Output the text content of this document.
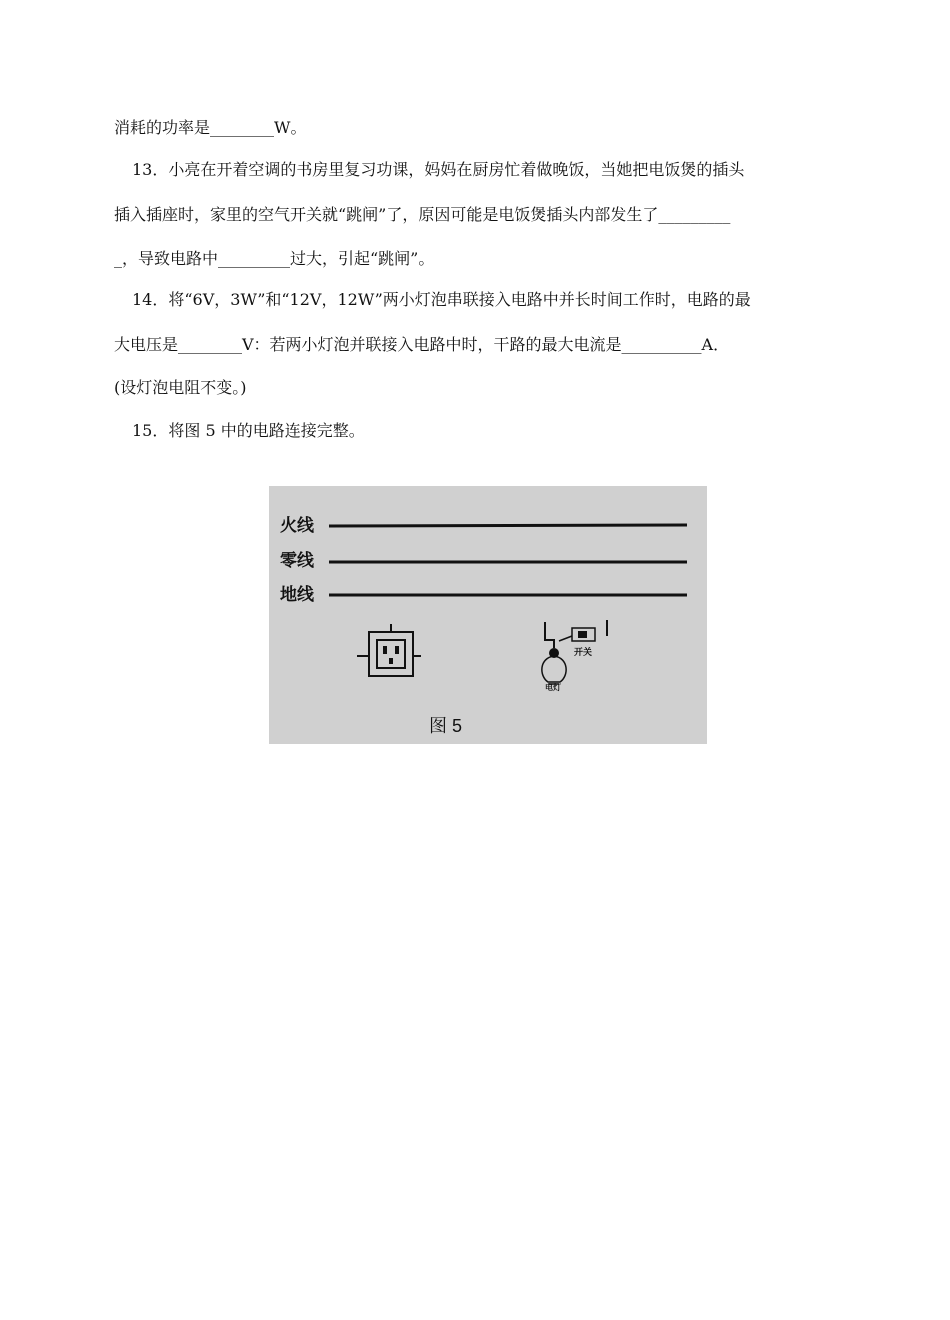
消耗的功率是________W。
13．小亮在开着空调的书房里复习功课，妈妈在厨房忙着做晚饭，当她把电饭煲的插头
插入插座时，家里的空气开关就“跳闸”了，原因可能是电饭煲插头内部发生了_________
_，导致电路中_________过大，引起“跳闸”。
14．将“6V，3W”和“12V，12W”两小灯泡串联接入电路中并长时间工作时，电路的最
大电压是________V：若两小灯泡并联接入电路中时，干路的最大电流是__________A．
(设灯泡电阻不变。)
15．将图 5 中的电路连接完整。
火线
零线
地线
开关
电灯
图 5
